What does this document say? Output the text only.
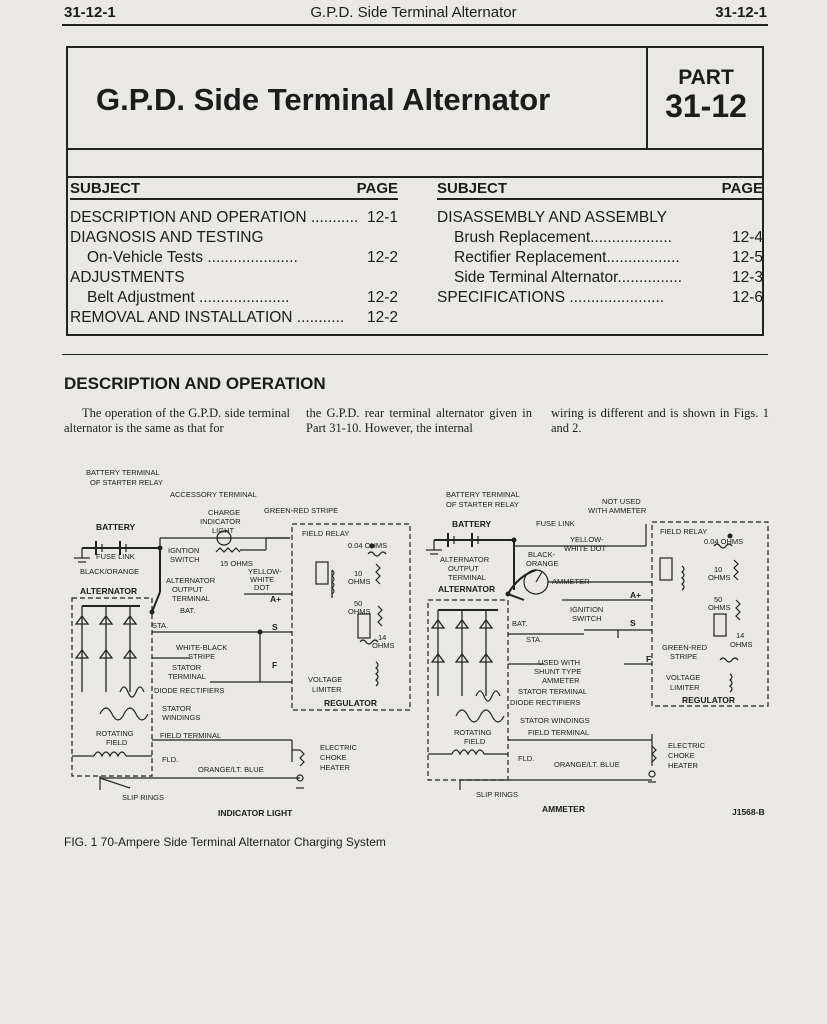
31-12-1	G.P.D. Side Terminal Alternator	31-12-1
G.P.D. Side Terminal Alternator
PART
31-12
SUBJECT	PAGE
DESCRIPTION AND OPERATION ........... 12-1
DIAGNOSIS AND TESTING
On-Vehicle Tests .....................	12-2
ADJUSTMENTS
Belt Adjustment .....................	12-2
REMOVAL AND INSTALLATION ........... 12-2
SUBJECT	PAGE
DISASSEMBLY AND ASSEMBLY
Brush Replacement...................	12-4
Rectifier Replacement.................	12-5
Side Terminal Alternator...............	12-3
SPECIFICATIONS ......................	12-6
DESCRIPTION AND OPERATION
The operation of the G.P.D. side terminal alternator is the same as that for
the G.P.D. rear terminal alternator given in Part 31-10. However, the internal
wiring is different and is shown in Figs. 1 and 2.
BATTERY TERMINAL
OF STARTER RELAY
ACCESSORY TERMINAL
CHARGE
INDICATOR
LIGHT
GREEN-RED STRIPE
BATTERY
IGNTION
SWITCH	15 OHMS
FIELD RELAY
0.04 OHMS
FUSE LINK
YELLOW-
WHITE
DOT
BLACK/ORANGE	10
OHMS
ALTERNATOR
ALTERNATOR
OUTPUT
TERMINAL	A+
BAT.
50
OHMS
STA.	S
14
OHMS
WHITE-BLACK
STRIPE
STATOR
TERMINAL
F
VOLTAGE
LIMITER
DIODE RECTIFIERS
REGULATOR
STATOR
WINDINGS
ROTATING
FIELD
FIELD TERMINAL
ELECTRIC
CHOKE
HEATER
FLD.
ORANGE/LT. BLUE
SLIP RINGS
INDICATOR LIGHT
BATTERY TERMINAL
OF STARTER RELAY	NOT USED
WITH AMMETER
BATTERY	FUSE LINK
YELLOW-
WHITE DOT
FIELD RELAY
0.04 OHMS
ALTERNATOR
OUTPUT
TERMINAL
BLACK-
ORANGE
AMMETER
10
OHMS
ALTERNATOR
A+
BAT.
IGNITION
SWITCH
50
OHMS
STA.
S
14
OHMS
GREEN-RED
STRIPE
F
USED WITH
SHUNT TYPE
AMMETER	VOLTAGE
LIMITER
STATOR TERMINAL
REGULATOR
DIODE RECTIFIERS
STATOR WINDINGS
ROTATING
FIELD
FIELD TERMINAL
ELECTRIC
CHOKE
HEATER
FLD.
ORANGE/LT. BLUE
SLIP RINGS
AMMETER	J1568-B
FIG. 1 70-Ampere Side Terminal Alternator Charging System
